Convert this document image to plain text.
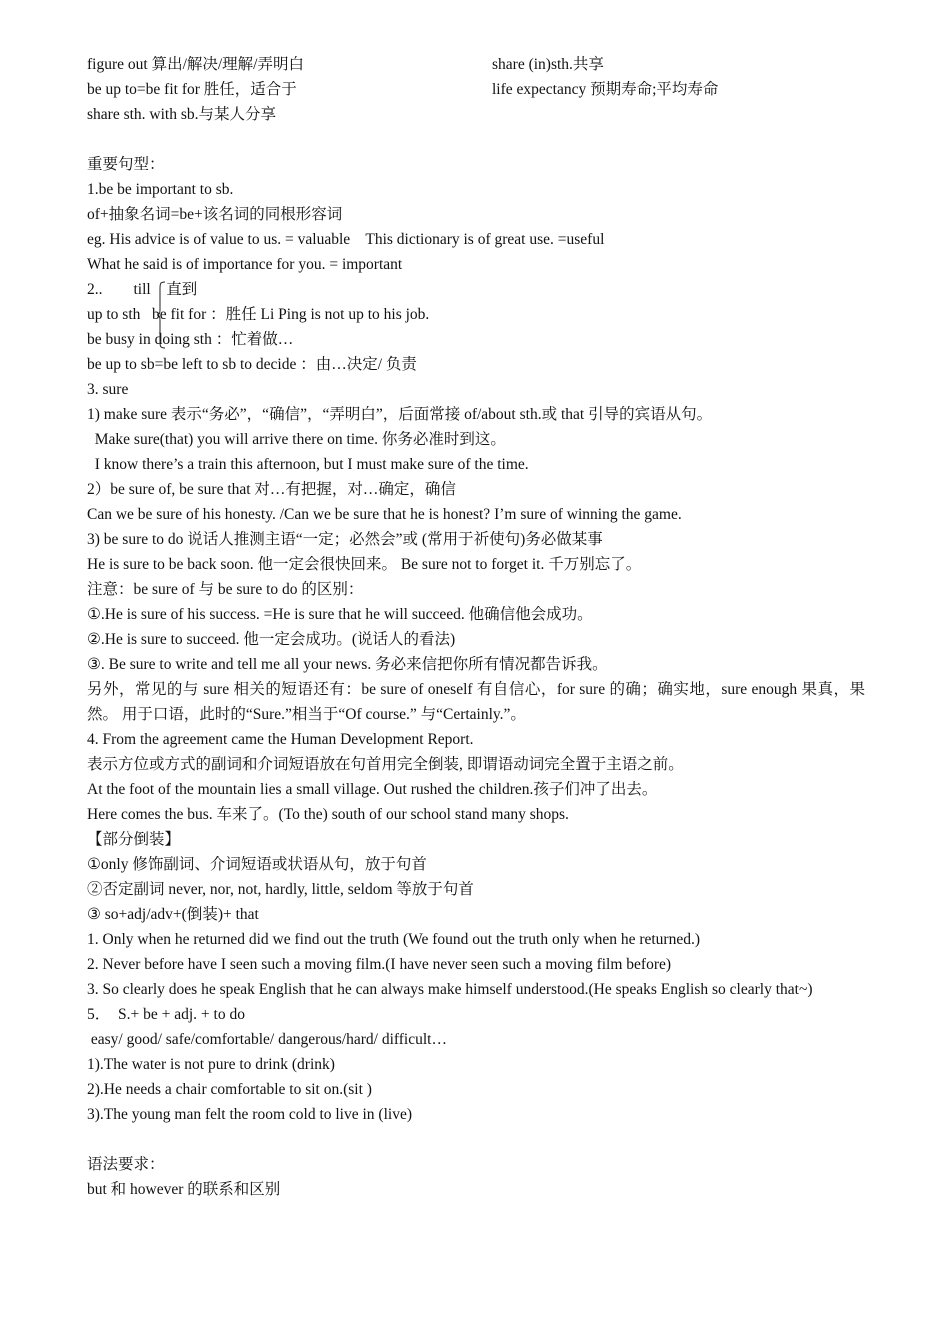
figure out 算出/解决/理解/弄明白
be up to=be fit for 胜任，适合于
share sth. with sb.与某人分享
share (in)sth.共享
life expectancy 预期寿命;平均寿命
重要句型：
1.be be important to sb.
of+抽象名词=be+该名词的同根形容词
eg. His advice is of value to us. = valuable    This dictionary is of great use. =useful
What he said is of importance for you. = important
2..        till    直到
up to sth   be fit for ：胜任 Li Ping is not up to his job.
be busy in doing sth ：忙着做…
be up to sb=be left to sb to decide ：由…决定/ 负责
3. sure
1) make sure 表示“务必”，“确信”，“弄明白”，后面常接 of/about sth.或 that 引导的宾语从句。
Make sure(that) you will arrive there on time. 你务必准时到这。
I know there’s a train this afternoon, but I must make sure of the time.
2）be sure of, be sure that 对…有把握，对…确定，确信
Can we be sure of his honesty. /Can we be sure that he is honest? I’m sure of winning the game.
3) be sure to do 说话人推测主语“一定；必然会”或 (常用于祈使句)务必做某事
He is sure to be back soon. 他一定会很快回来。 Be sure not to forget it. 千万别忘了。
注意：be sure of 与 be sure to do 的区别：
①.He is sure of his success. =He is sure that he will succeed. 他确信他会成功。
②.He is sure to succeed. 他一定会成功。(说话人的看法)
③. Be sure to write and tell me all your news. 务必来信把你所有情况都告诉我。
另外，常见的与 sure 相关的短语还有：be sure of oneself 有自信心，for sure 的确；确实地，sure enough 果真，果然。 用于口语，此时的“Sure.”相当于“Of course.” 与“Certainly.”。
4. From the agreement came the Human Development Report.
表示方位或方式的副词和介词短语放在句首用完全倒装, 即谓语动词完全置于主语之前。
At the foot of the mountain lies a small village. Out rushed the children.孩子们冲了出去。
Here comes the bus. 车来了。(To the) south of our school stand many shops.
【部分倒装】
①only 修饰副词、介词短语或状语从句，放于句首
②否定副词 never, nor, not, hardly, little, seldom 等放于句首
③ so+adj/adv+(倒装)+ that
1. Only when he returned did we find out the truth (We found out the truth only when he returned.)
2. Never before have I seen such a moving film.(I have never seen such a moving film before)
3. So clearly does he speak English that he can always make himself understood.(He speaks English so clearly that~)
5．  S.+ be + adj. + to do
easy/ good/ safe/comfortable/ dangerous/hard/ difficult…
1).The water is not pure to drink (drink)
2).He needs a chair comfortable to sit on.(sit )
3).The young man felt the room cold to live in (live)
语法要求：
but 和 however 的联系和区别
